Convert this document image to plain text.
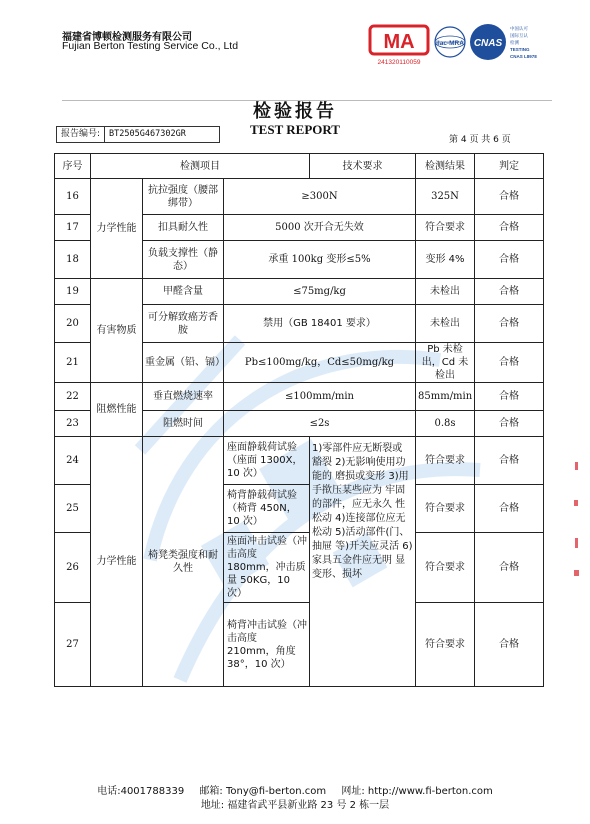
福建省博顿检测服务有限公司
Fujian Berton Testing Service Co., Ltd	MA
241320110059
ilac-MRA CNAS
中国认可
国际互认
检测
TESTING
CNAS L8978
检验报告
TEST REPORT
报告编号:	BT2505G467302GR
第 4 页 共 6 页
序号	检测项目			技术要求	检测结果	判定
16	力学性能	抗拉强度（腰部绑带）	≥300N		325N	合格
17		扣具耐久性	5000 次开合无失效		符合要求	合格
18		负载支撑性（静态）	承重 100kg 变形≤5%		变形 4%	合格
19	有害物质	甲醛含量	≤75mg/kg		未检出	合格
20		可分解致癌芳香胺	禁用（GB 18401 要求）		未检出	合格
21		重金属（铅、镉）	Pb≤100mg/kg，Cd≤50mg/kg		Pb 未检出，Cd 未检出	合格
22	阻燃性能	垂直燃烧速率	≤100mm/min		85mm/min	合格
23		阻燃时间	≤2s		0.8s	合格
24	力学性能	椅凳类强度和耐久性	座面静载荷试验（座面 1300X，10 次）	1)零部件应无断裂或 豁裂 2)无影响使用功能的 磨损或变形 3)用手揿压某些应为 牢固的部件，应无永久 性松动 4)连接部位应无松动 5)活动部件(门、抽屉 等)开关应灵活 6)家具五金件应无明 显变形、损坏	符合要求	合格
25			椅背静载荷试验（椅背 450N，10 次）		符合要求	合格
26			座面冲击试验（冲击高度 180mm，冲击质量 50KG，10 次）		符合要求	合格
27			椅背冲击试验（冲击高度 210mm，角度 38°，10 次）		符合要求	合格
电话:4001788339 邮箱: Tony@fi-berton.com 网址: http://www.fi-berton.com
地址: 福建省武平县新业路 23 号 2 栋一层
